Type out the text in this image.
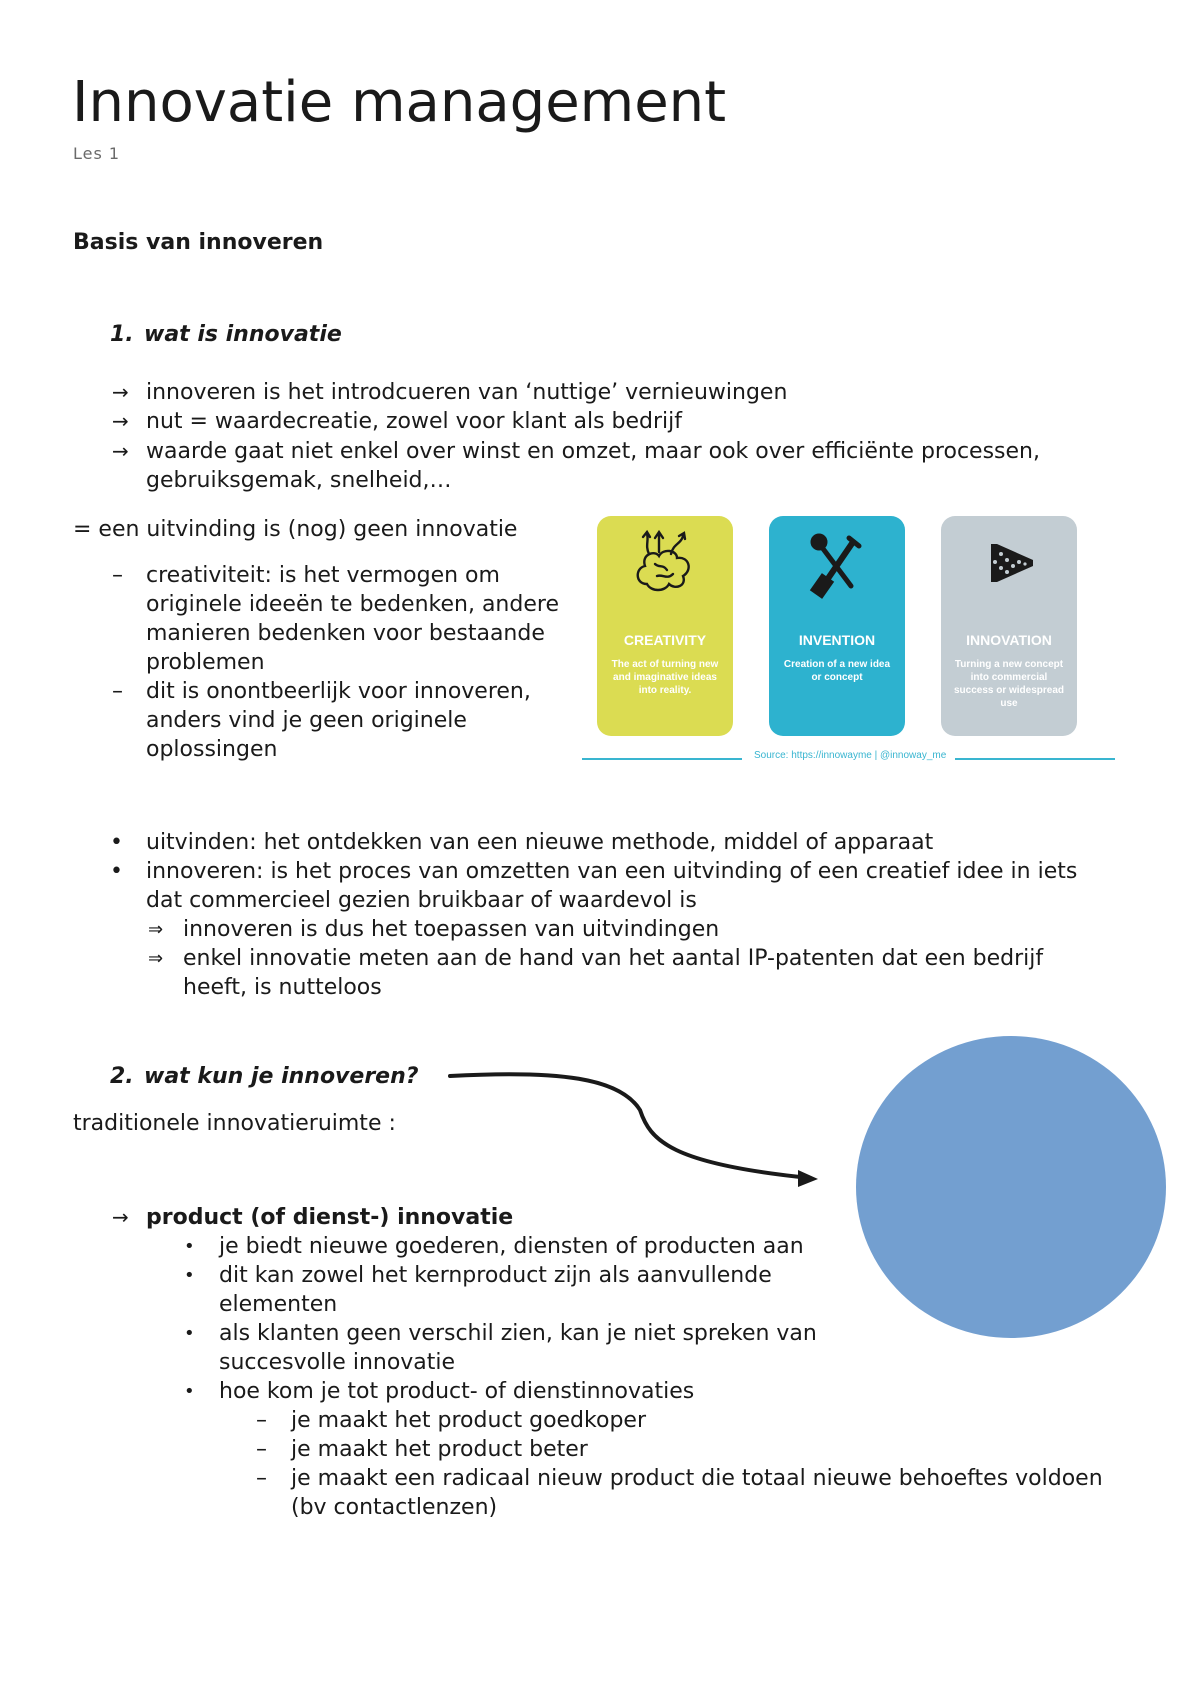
Innovatie management
Les 1
Basis van innoveren
1. wat is innovatie
→ innoveren is het introdcueren van ‘nuttige’ vernieuwingen
→ nut = waardecreatie, zowel voor klant als bedrijf
→ waarde gaat niet enkel over winst en omzet, maar ook over efficiënte processen,
gebruiksgemak, snelheid,…
= een uitvinding is (nog) geen innovatie
–	creativiteit: is het vermogen om
originele ideeën te bedenken, andere
manieren bedenken voor bestaande
problemen
–	dit is onontbeerlijk voor innoveren,
anders vind je geen originele
oplossingen
CREATIVITY
The act of turning new and imaginative ideas into reality.
INVENTION
Creation of a new idea or concept
INNOVATION
Turning a new concept into commercial success or widespread use
Source: https://innowayme | @innoway_me
•	uitvinden: het ontdekken van een nieuwe methode, middel of apparaat
•	innoveren: is het proces van omzetten van een uitvinding of een creatief idee in iets
dat commercieel gezien bruikbaar of waardevol is
⇒ innoveren is dus het toepassen van uitvindingen
⇒ enkel innovatie meten aan de hand van het aantal IP-patenten dat een bedrijf
heeft, is nutteloos
2. wat kun je innoveren?
traditionele innovatieruimte :
→ product (of dienst-) innovatie
•	je biedt nieuwe goederen, diensten of producten aan
•	dit kan zowel het kernproduct zijn als aanvullende
elementen
•	als klanten geen verschil zien, kan je niet spreken van
succesvolle innovatie
•	hoe kom je tot product- of dienstinnovaties
–	je maakt het product goedkoper
–	je maakt het product beter
–	je maakt een radicaal nieuw product die totaal nieuwe behoeftes voldoen
(bv contactlenzen)
